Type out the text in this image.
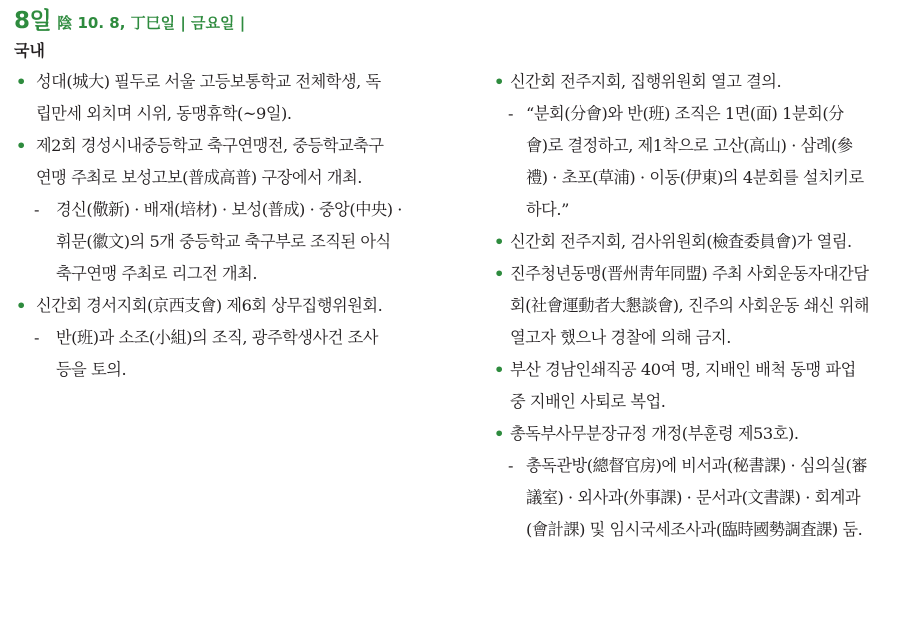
8일 陰 10. 8, 丁巳일 | 금요일 |
국내
• 성대(城大) 필두로 서울 고등보통학교 전체학생, 독
립만세 외치며 시위, 동맹휴학(~9일).
• 제2회 경성시내중등학교 축구연맹전, 중등학교축구
연맹 주최로 보성고보(普成高普) 구장에서 개최.
- 경신(儆新) · 배재(培材) · 보성(普成) · 중앙(中央) ·
휘문(徽文)의 5개 중등학교 축구부로 조직된 아식
축구연맹 주최로 리그전 개최.
• 신간회 경서지회(京西支會) 제6회 상무집행위원회.
- 반(班)과 소조(小組)의 조직, 광주학생사건 조사
등을 토의.
• 신간회 전주지회, 집행위원회 열고 결의.
- “분회(分會)와 반(班) 조직은 1면(面) 1분회(分
會)로 결정하고, 제1착으로 고산(高山) · 삼례(參
禮) · 초포(草浦) · 이동(伊東)의 4분회를 설치키로
하다.”
• 신간회 전주지회, 검사위원회(檢査委員會)가 열림.
• 진주청년동맹(晋州靑年同盟) 주최 사회운동자대간담
회(社會運動者大懇談會), 진주의 사회운동 쇄신 위해
열고자 했으나 경찰에 의해 금지.
• 부산 경남인쇄직공 40여 명, 지배인 배척 동맹 파업
중 지배인 사퇴로 복업.
• 총독부사무분장규정 개정(부훈령 제53호).
- 총독관방(總督官房)에 비서과(秘書課) · 심의실(審
議室) · 외사과(外事課) · 문서과(文書課) · 회계과
(會計課) 및 임시국세조사과(臨時國勢調査課) 둠.
